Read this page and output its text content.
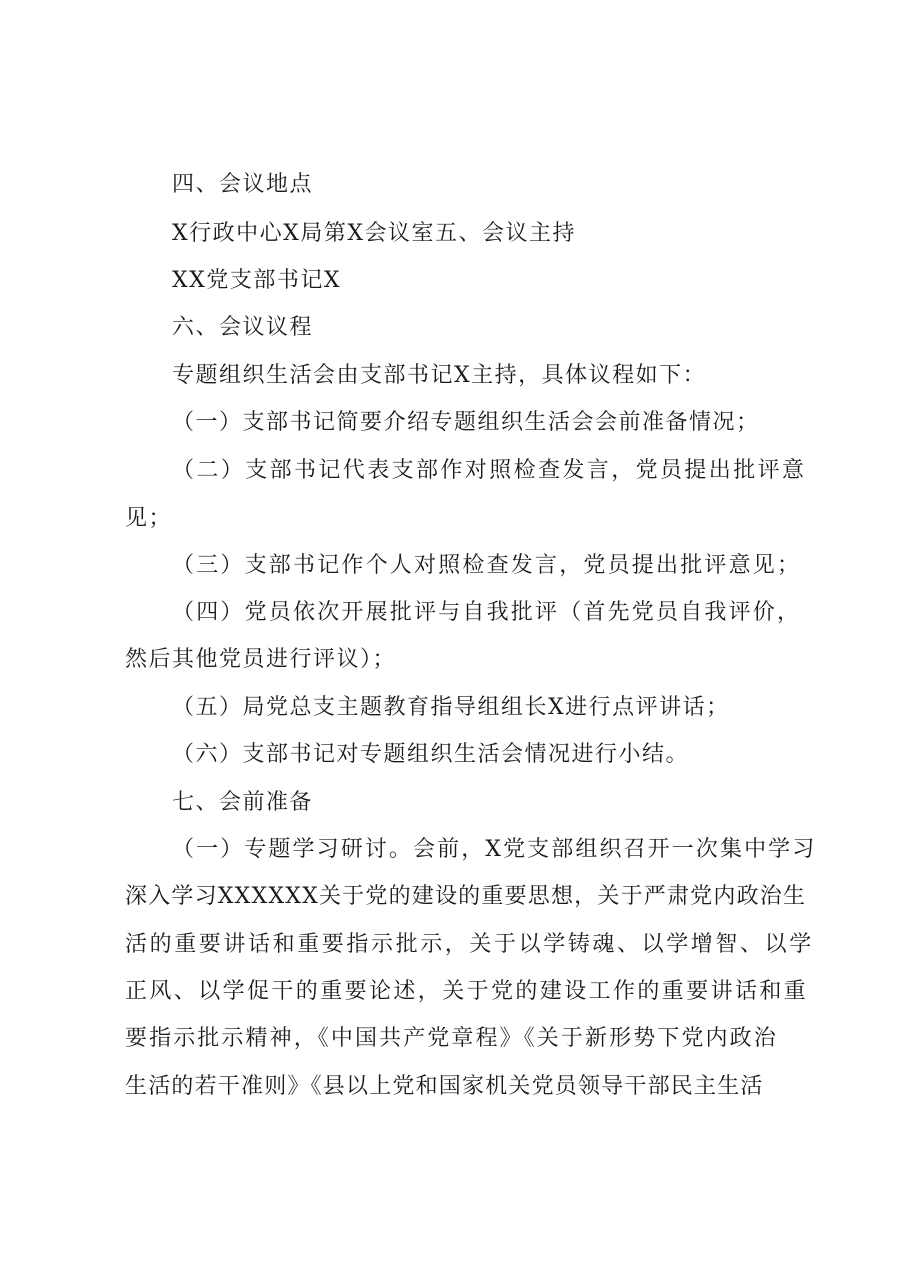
四、会议地点
X行政中心X局第X会议室五、会议主持
XX党支部书记X
六、会议议程
专题组织生活会由支部书记X主持，具体议程如下：
（一）支部书记简要介绍专题组织生活会会前准备情况；
（二）支部书记代表支部作对照检查发言，党员提出批评意
见；
（三）支部书记作个人对照检查发言，党员提出批评意见；
（四）党员依次开展批评与自我批评（首先党员自我评价，
然后其他党员进行评议）；
（五）局党总支主题教育指导组组长X进行点评讲话；
（六）支部书记对专题组织生活会情况进行小结。
七、会前准备
（一）专题学习研讨。会前，X党支部组织召开一次集中学习
深入学习XXXXXX关于党的建设的重要思想，关于严肃党内政治生
活的重要讲话和重要指示批示，关于以学铸魂、以学增智、以学
正风、以学促干的重要论述，关于党的建设工作的重要讲话和重
要指示批示精神，《中国共产党章程》《关于新形势下党内政治
生活的若干准则》《县以上党和国家机关党员领导干部民主生活
